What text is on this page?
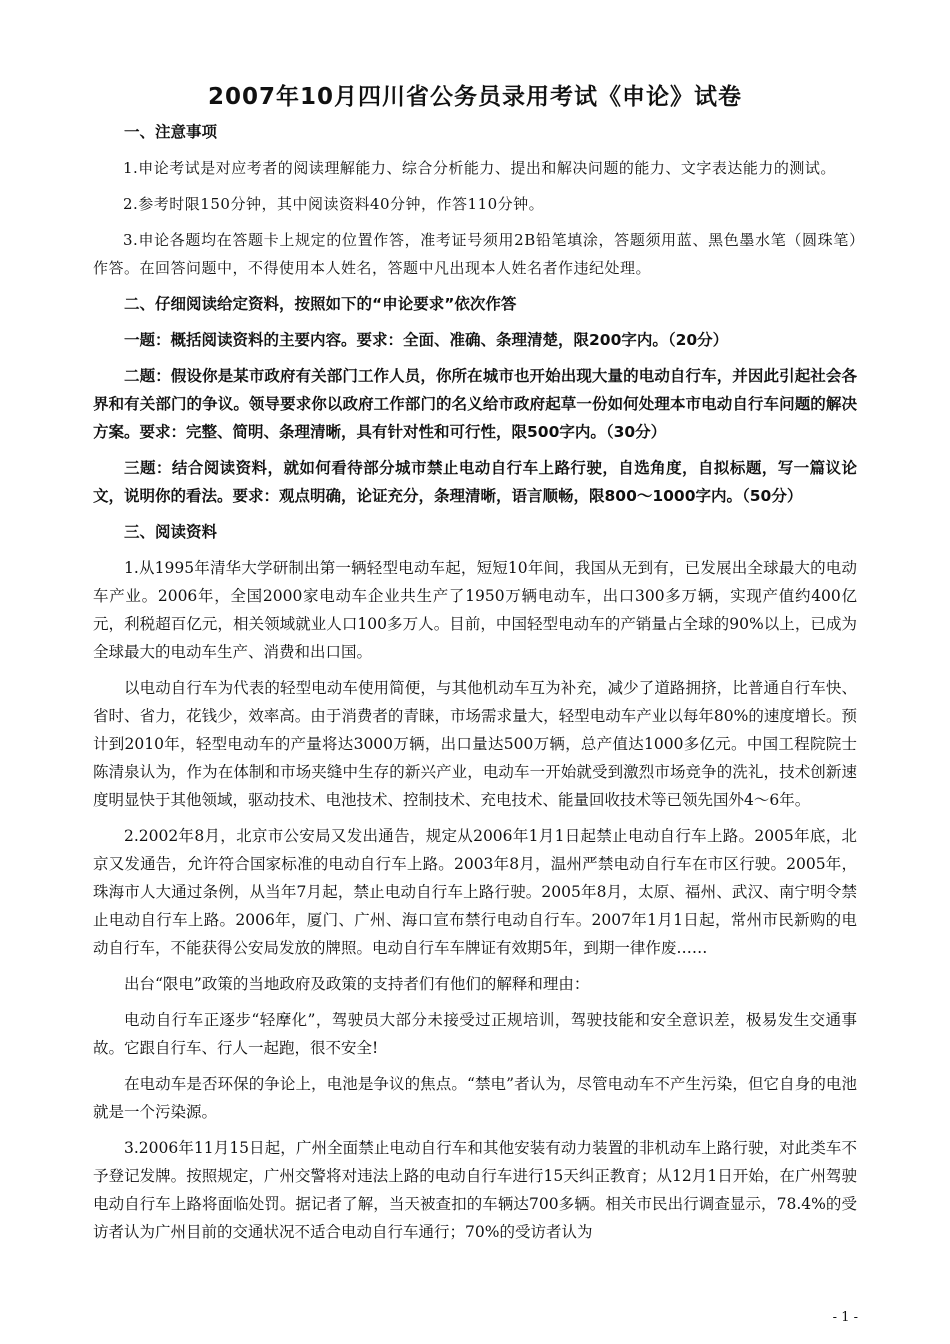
2007年10月四川省公务员录用考试《申论》试卷

一、注意事项

1.申论考试是对应考者的阅读理解能力、综合分析能力、提出和解决问题的能力、文字表达能力的测试。

2.参考时限150分钟，其中阅读资料40分钟，作答110分钟。

3.申论各题均在答题卡上规定的位置作答，准考证号须用2B铅笔填涂，答题须用蓝、黑色墨水笔（圆珠笔）作答。在回答问题中，不得使用本人姓名，答题中凡出现本人姓名者作违纪处理。

二、仔细阅读给定资料，按照如下的“申论要求”依次作答

一题：概括阅读资料的主要内容。要求：全面、准确、条理清楚，限200字内。（20分）

二题：假设你是某市政府有关部门工作人员，你所在城市也开始出现大量的电动自行车，并因此引起社会各界和有关部门的争议。领导要求你以政府工作部门的名义给市政府起草一份如何处理本市电动自行车问题的解决方案。要求：完整、简明、条理清晰，具有针对性和可行性，限500字内。（30分）

三题：结合阅读资料，就如何看待部分城市禁止电动自行车上路行驶，自选角度，自拟标题，写一篇议论文，说明你的看法。要求：观点明确，论证充分，条理清晰，语言顺畅，限800～1000字内。（50分）

三、阅读资料

1.从1995年清华大学研制出第一辆轻型电动车起，短短10年间，我国从无到有，已发展出全球最大的电动车产业。2006年，全国2000家电动车企业共生产了1950万辆电动车，出口300多万辆，实现产值约400亿元，利税超百亿元，相关领域就业人口100多万人。目前，中国轻型电动车的产销量占全球的90%以上，已成为全球最大的电动车生产、消费和出口国。

以电动自行车为代表的轻型电动车使用简便，与其他机动车互为补充，减少了道路拥挤，比普通自行车快、省时、省力，花钱少，效率高。由于消费者的青睐，市场需求量大，轻型电动车产业以每年80%的速度增长。预计到2010年，轻型电动车的产量将达3000万辆，出口量达500万辆，总产值达1000多亿元。中国工程院院士陈清泉认为，作为在体制和市场夹缝中生存的新兴产业，电动车一开始就受到激烈市场竞争的洗礼，技术创新速度明显快于其他领域，驱动技术、电池技术、控制技术、充电技术、能量回收技术等已领先国外4～6年。

2.2002年8月，北京市公安局又发出通告，规定从2006年1月1日起禁止电动自行车上路。2005年底，北京又发通告，允许符合国家标准的电动自行车上路。2003年8月，温州严禁电动自行车在市区行驶。2005年，珠海市人大通过条例，从当年7月起，禁止电动自行车上路行驶。2005年8月，太原、福州、武汉、南宁明令禁止电动自行车上路。2006年，厦门、广州、海口宣布禁行电动自行车。2007年1月1日起，常州市民新购的电动自行车，不能获得公安局发放的牌照。电动自行车车牌证有效期5年，到期一律作废……

出台“限电”政策的当地政府及政策的支持者们有他们的解释和理由：

电动自行车正逐步“轻摩化”，驾驶员大部分未接受过正规培训，驾驶技能和安全意识差，极易发生交通事故。它跟自行车、行人一起跑，很不安全!

在电动车是否环保的争论上，电池是争议的焦点。“禁电”者认为，尽管电动车不产生污染，但它自身的电池就是一个污染源。

3.2006年11月15日起，广州全面禁止电动自行车和其他安装有动力装置的非机动车上路行驶，对此类车不予登记发牌。按照规定，广州交警将对违法上路的电动自行车进行15天纠正教育；从12月1日开始，在广州驾驶电动自行车上路将面临处罚。据记者了解，当天被查扣的车辆达700多辆。相关市民出行调查显示，78.4%的受访者认为广州目前的交通状况不适合电动自行车通行；70%的受访者认为

- 1 -
